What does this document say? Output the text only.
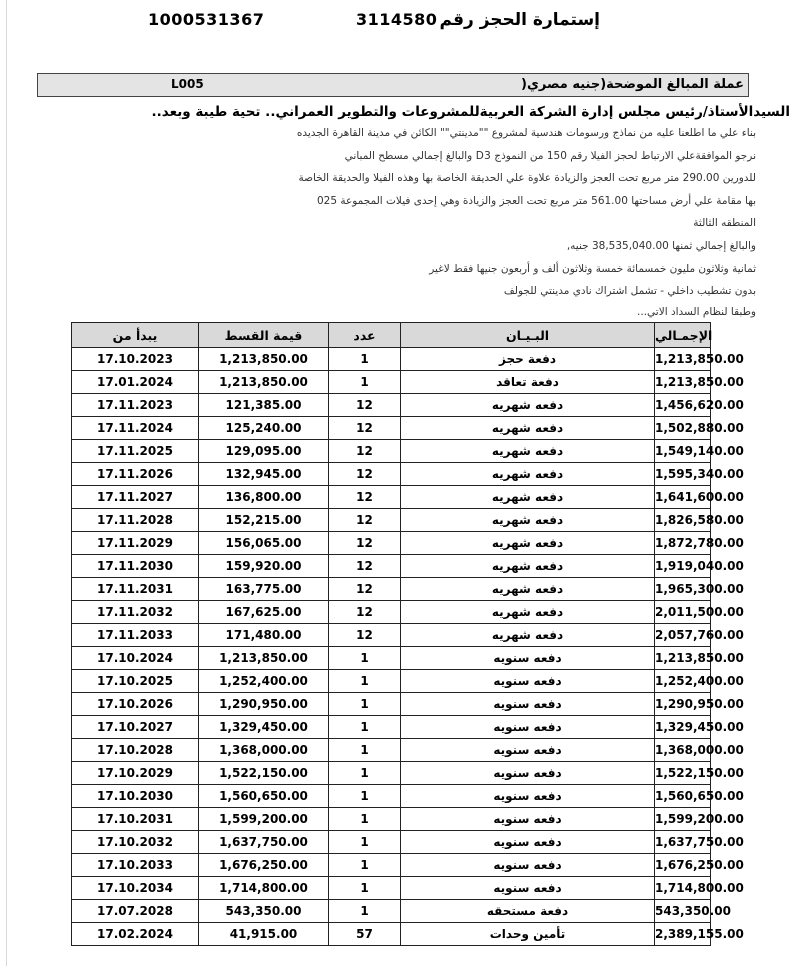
1000531367	3114580 إستمارة الحجز رقم
عملة المبالغ الموضحة(جنيه مصري(
L005
السيدالأستاذ/رئيس مجلس إدارة الشركة العربيةللمشروعات والتطوير العمراني.. تحية طيبة وبعد..
بناء علي ما اطلعنا عليه من نماذج ورسومات هندسية لمشروع ""مدينتي"" الكائن في مدينة القاهرة الجديده
نرجو الموافقةعلي الارتباط لحجز الفيلا رقم 150 من النموذج D3 والبالغ إجمالي مسطح المباني
للدورين 290.00 متر مربع تحت العجز والزيادة علاوة علي الحديقة الخاصة بها وهذه الفيلا والحديقة الخاصة
بها مقامة علي أرض مساحتها 561.00 متر مربع تحت العجز والزيادة وهي إحدى فيلات المجموعة 025
المنطقه الثالثة
والبالغ إجمالي ثمنها 38,535,040.00 جنيه,
ثمانية وثلاثون مليون خمسمائة خمسة وثلاثون ألف و أربعون جنيها فقط لاغير
بدون تشطيب داخلي - تشمل اشتراك نادي مدينتي للجولف
وطبقا لنظام السداد الاتي...
يبدأ من	قيمة القسط	عدد	البـيـان	الإجمـالي
17.10.2023	1,213,850.00	1	دفعة حجز	1,213,850.00
17.01.2024	1,213,850.00	1	دفعة تعاقد	1,213,850.00
17.11.2023	121,385.00	12	دفعه شهريه	1,456,620.00
17.11.2024	125,240.00	12	دفعه شهريه	1,502,880.00
17.11.2025	129,095.00	12	دفعه شهريه	1,549,140.00
17.11.2026	132,945.00	12	دفعه شهريه	1,595,340.00
17.11.2027	136,800.00	12	دفعه شهريه	1,641,600.00
17.11.2028	152,215.00	12	دفعه شهريه	1,826,580.00
17.11.2029	156,065.00	12	دفعه شهريه	1,872,780.00
17.11.2030	159,920.00	12	دفعه شهريه	1,919,040.00
17.11.2031	163,775.00	12	دفعه شهريه	1,965,300.00
17.11.2032	167,625.00	12	دفعه شهريه	2,011,500.00
17.11.2033	171,480.00	12	دفعه شهريه	2,057,760.00
17.10.2024	1,213,850.00	1	دفعه سنويه	1,213,850.00
17.10.2025	1,252,400.00	1	دفعه سنويه	1,252,400.00
17.10.2026	1,290,950.00	1	دفعه سنويه	1,290,950.00
17.10.2027	1,329,450.00	1	دفعه سنويه	1,329,450.00
17.10.2028	1,368,000.00	1	دفعه سنويه	1,368,000.00
17.10.2029	1,522,150.00	1	دفعه سنويه	1,522,150.00
17.10.2030	1,560,650.00	1	دفعه سنويه	1,560,650.00
17.10.2031	1,599,200.00	1	دفعه سنويه	1,599,200.00
17.10.2032	1,637,750.00	1	دفعه سنويه	1,637,750.00
17.10.2033	1,676,250.00	1	دفعه سنويه	1,676,250.00
17.10.2034	1,714,800.00	1	دفعه سنويه	1,714,800.00
17.07.2028	543,350.00	1	دفعة مستحقه	543,350.00
17.02.2024	41,915.00	57	تأمين وحدات	2,389,155.00
